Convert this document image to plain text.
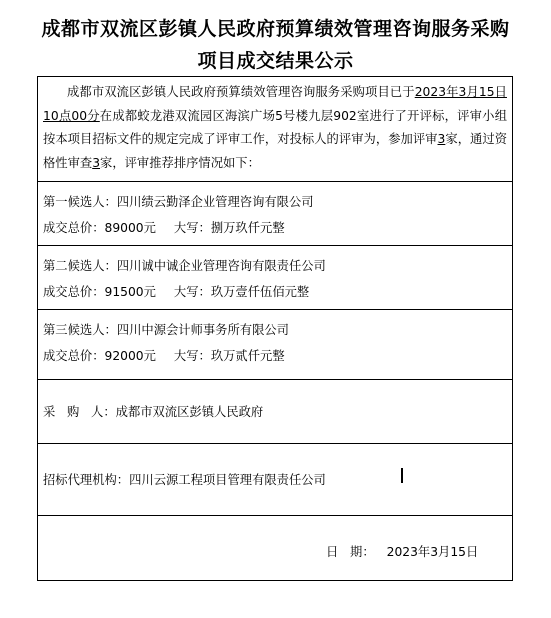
成都市双流区彭镇人民政府预算绩效管理咨询服务采购
项目成交结果公示
成都市双流区彭镇人民政府预算绩效管理咨询服务采购项目已于2023年3月15日10点00分在成都蛟龙港双流园区海滨广场5号楼九层902室进行了开评标，评审小组按本项目招标文件的规定完成了评审工作，对投标人的评审为，参加评审3家，通过资格性审查3家，评审推荐排序情况如下：
第一候选人：四川绩云勤泽企业管理咨询有限公司
成交总价：89000元 大写：捌万玖仟元整
第二候选人：四川诚中诚企业管理咨询有限责任公司
成交总价：91500元 大写：玖万壹仟伍佰元整
第三候选人：四川中源会计师事务所有限公司
成交总价：92000元 大写：玖万贰仟元整
采   购   人：成都市双流区彭镇人民政府
招标代理机构：四川云源工程项目管理有限责任公司
日   期： 2023年3月15日
